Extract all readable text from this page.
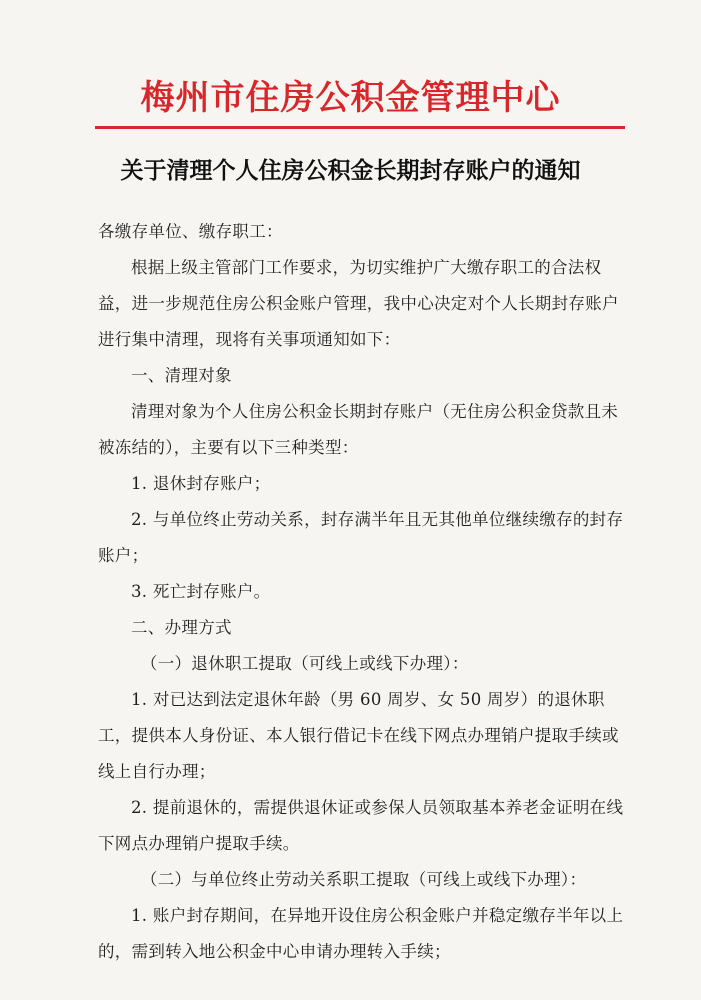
梅州市住房公积金管理中心
关于清理个人住房公积金长期封存账户的通知

各缴存单位、缴存职工：

根据上级主管部门工作要求，为切实维护广大缴存职工的合法权益，进一步规范住房公积金账户管理，我中心决定对个人长期封存账户进行集中清理，现将有关事项通知如下：

一、清理对象

清理对象为个人住房公积金长期封存账户（无住房公积金贷款且未被冻结的），主要有以下三种类型：

1. 退休封存账户；

2. 与单位终止劳动关系，封存满半年且无其他单位继续缴存的封存账户；

3. 死亡封存账户。

二、办理方式

（一）退休职工提取（可线上或线下办理）：

1. 对已达到法定退休年龄（男 60 周岁、女 50 周岁）的退休职工，提供本人身份证、本人银行借记卡在线下网点办理销户提取手续或线上自行办理；

2. 提前退休的，需提供退休证或参保人员领取基本养老金证明在线下网点办理销户提取手续。

（二）与单位终止劳动关系职工提取（可线上或线下办理）：

1. 账户封存期间，在异地开设住房公积金账户并稳定缴存半年以上的，需到转入地公积金中心申请办理转入手续；
